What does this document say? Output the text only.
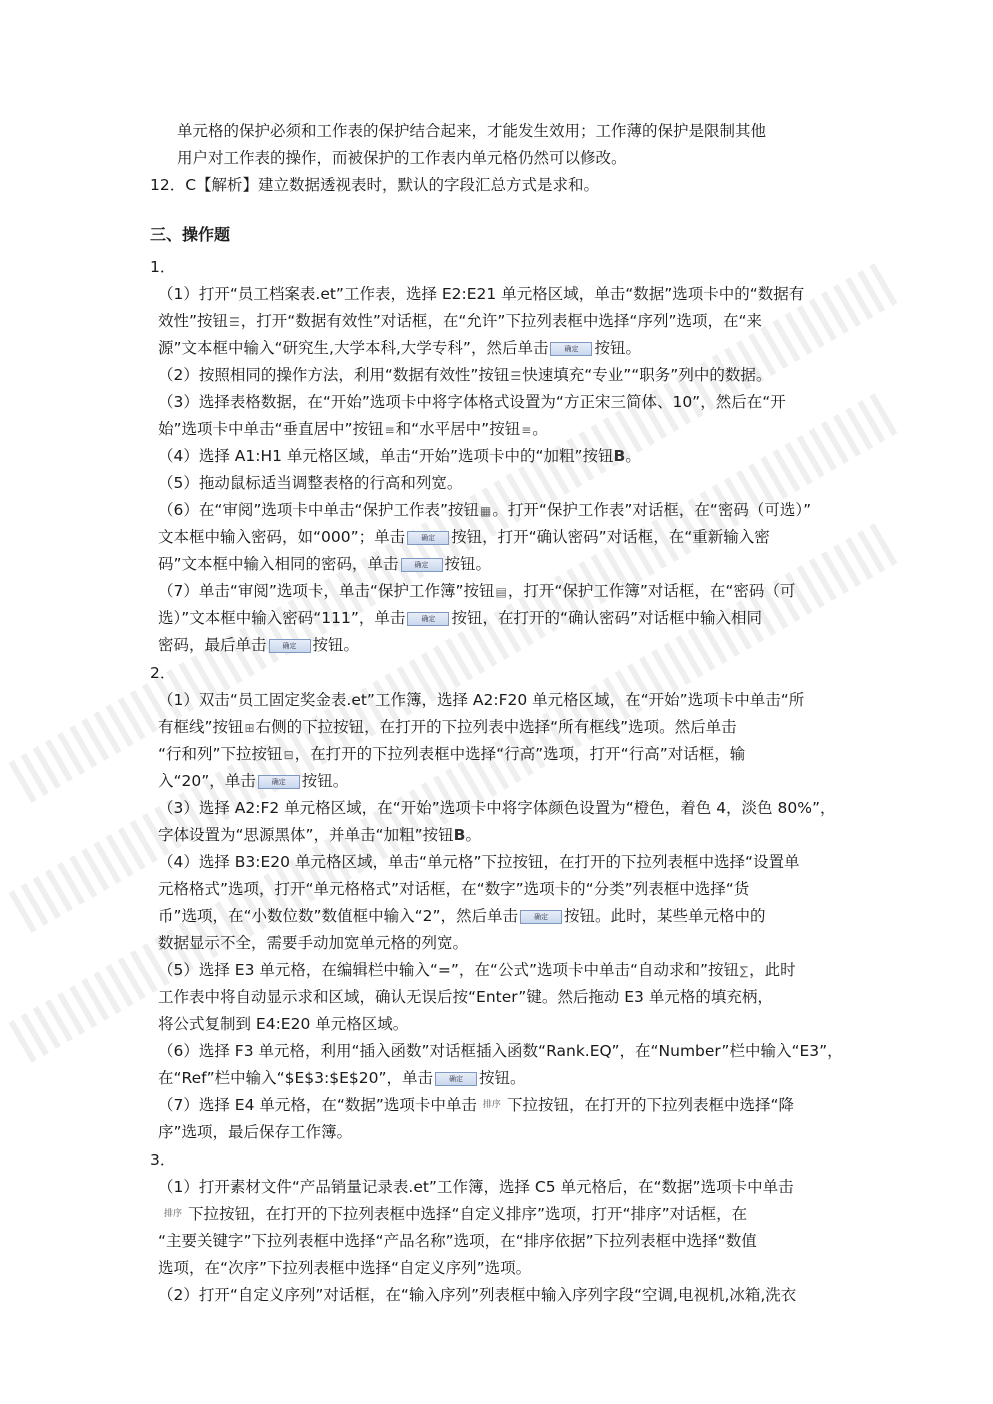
单元格的保护必须和工作表的保护结合起来，才能发生效用；工作薄的保护是限制其他
用户对工作表的操作，而被保护的工作表内单元格仍然可以修改。
12．C【解析】建立数据透视表时，默认的字段汇总方式是求和。
三、操作题
1．
（1）打开“员工档案表.et”工作表，选择 E2:E21 单元格区域，单击“数据”选项卡中的“数据有
效性”按钮☰，打开“数据有效性”对话框，在“允许”下拉列表框中选择“序列”选项，在“来
源”文本框中输入“研究生,大学本科,大学专科”，然后单击 确定 按钮。
（2）按照相同的操作方法，利用“数据有效性”按钮☰快速填充“专业”“职务”列中的数据。
（3）选择表格数据，在“开始”选项卡中将字体格式设置为“方正宋三简体、10”，然后在“开
始”选项卡中单击“垂直居中”按钮≡和“水平居中”按钮≡。
（4）选择 A1:H1 单元格区域，单击“开始”选项卡中的“加粗”按钮B。
（5）拖动鼠标适当调整表格的行高和列宽。
（6）在“审阅”选项卡中单击“保护工作表”按钮▦。打开“保护工作表”对话框，在“密码（可选）”
文本框中输入密码，如“000”；单击 确定 按钮，打开“确认密码”对话框，在“重新输入密
码”文本框中输入相同的密码，单击 确定 按钮。
（7）单击“审阅”选项卡，单击“保护工作簿”按钮▤，打开“保护工作簿”对话框，在“密码（可
选）”文本框中输入密码“111”，单击 确定 按钮，在打开的“确认密码”对话框中输入相同
密码，最后单击 确定 按钮。
2．
（1）双击“员工固定奖金表.et”工作簿，选择 A2:F20 单元格区域，在“开始”选项卡中单击“所
有框线”按钮⊞右侧的下拉按钮，在打开的下拉列表中选择“所有框线”选项。然后单击
“行和列”下拉按钮⊟，在打开的下拉列表框中选择“行高”选项，打开“行高”对话框，输
入“20”，单击 确定 按钮。
（3）选择 A2:F2 单元格区域，在“开始”选项卡中将字体颜色设置为“橙色，着色 4，淡色 80%”，
字体设置为“思源黑体”，并单击“加粗”按钮B。
（4）选择 B3:E20 单元格区域，单击“单元格”下拉按钮，在打开的下拉列表框中选择“设置单
元格格式”选项，打开“单元格格式”对话框，在“数字”选项卡的“分类”列表框中选择“货
币”选项，在“小数位数”数值框中输入“2”，然后单击 确定 按钮。此时，某些单元格中的
数据显示不全，需要手动加宽单元格的列宽。
（5）选择 E3 单元格，在编辑栏中输入“=”，在“公式”选项卡中单击“自动求和”按钮∑，此时
工作表中将自动显示求和区域，确认无误后按“Enter”键。然后拖动 E3 单元格的填充柄，
将公式复制到 E4:E20 单元格区域。
（6）选择 F3 单元格，利用“插入函数”对话框插入函数“Rank.EQ”，在“Number”栏中输入“E3”，
在“Ref”栏中输入“$E$3:$E$20”，单击 确定 按钮。
（7）选择 E4 单元格，在“数据”选项卡中单击 排序 下拉按钮，在打开的下拉列表框中选择“降
序”选项，最后保存工作簿。
3．
（1）打开素材文件“产品销量记录表.et”工作簿，选择 C5 单元格后，在“数据”选项卡中单击
排序 下拉按钮，在打开的下拉列表框中选择“自定义排序”选项，打开“排序”对话框，在
“主要关键字”下拉列表框中选择“产品名称”选项，在“排序依据”下拉列表框中选择“数值
选项，在“次序”下拉列表框中选择“自定义序列”选项。
（2）打开“自定义序列”对话框，在“输入序列”列表框中输入序列字段“空调,电视机,冰箱,洗衣
